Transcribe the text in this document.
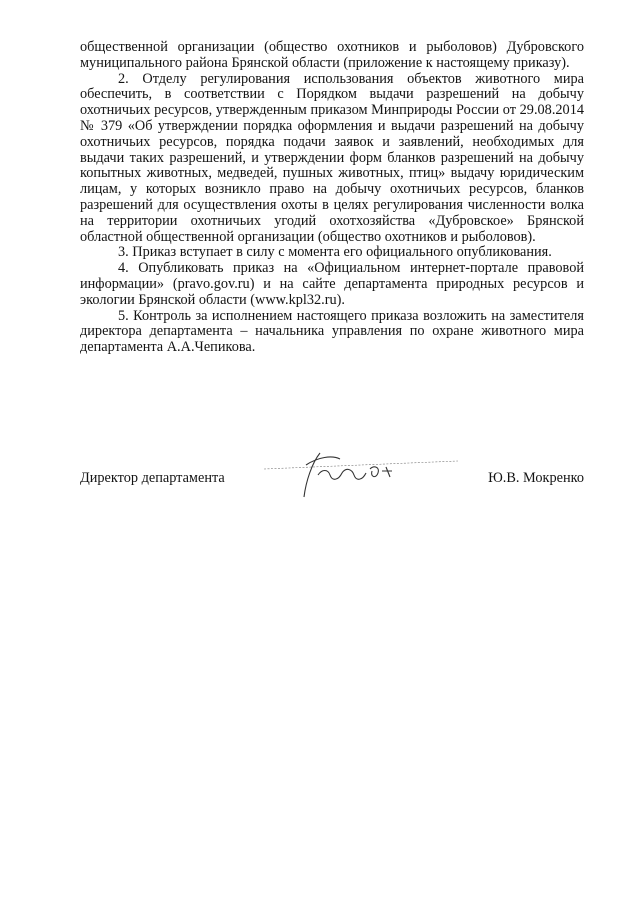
общественной организации (общество охотников и рыболовов) Дубровского муниципального района Брянской области (приложение к настоящему приказу).

2. Отделу регулирования использования объектов животного мира обеспечить, в соответствии с Порядком выдачи разрешений на добычу охотничьих ресурсов, утвержденным приказом Минприроды России от 29.08.2014 № 379 «Об утверждении порядка оформления и выдачи разрешений на добычу охотничьих ресурсов, порядка подачи заявок и заявлений, необходимых для выдачи таких разрешений, и утверждении форм бланков разрешений на добычу копытных животных, медведей, пушных животных, птиц» выдачу юридическим лицам, у которых возникло право на добычу охотничьих ресурсов, бланков разрешений для осуществления охоты в целях регулирования численности волка на территории охотничьих угодий охотхозяйства «Дубровское» Брянской областной общественной организации (общество охотников и рыболовов).

3. Приказ вступает в силу с момента его официального опубликования.

4. Опубликовать приказ на «Официальном интернет-портале правовой информации» (pravo.gov.ru) и на сайте департамента природных ресурсов и экологии Брянской области (www.kpl32.ru).

5. Контроль за исполнением настоящего приказа возложить на заместителя директора департамента – начальника управления по охране животного мира департамента А.А.Чепикова.

Директор департамента	Ю.В. Мокренко
